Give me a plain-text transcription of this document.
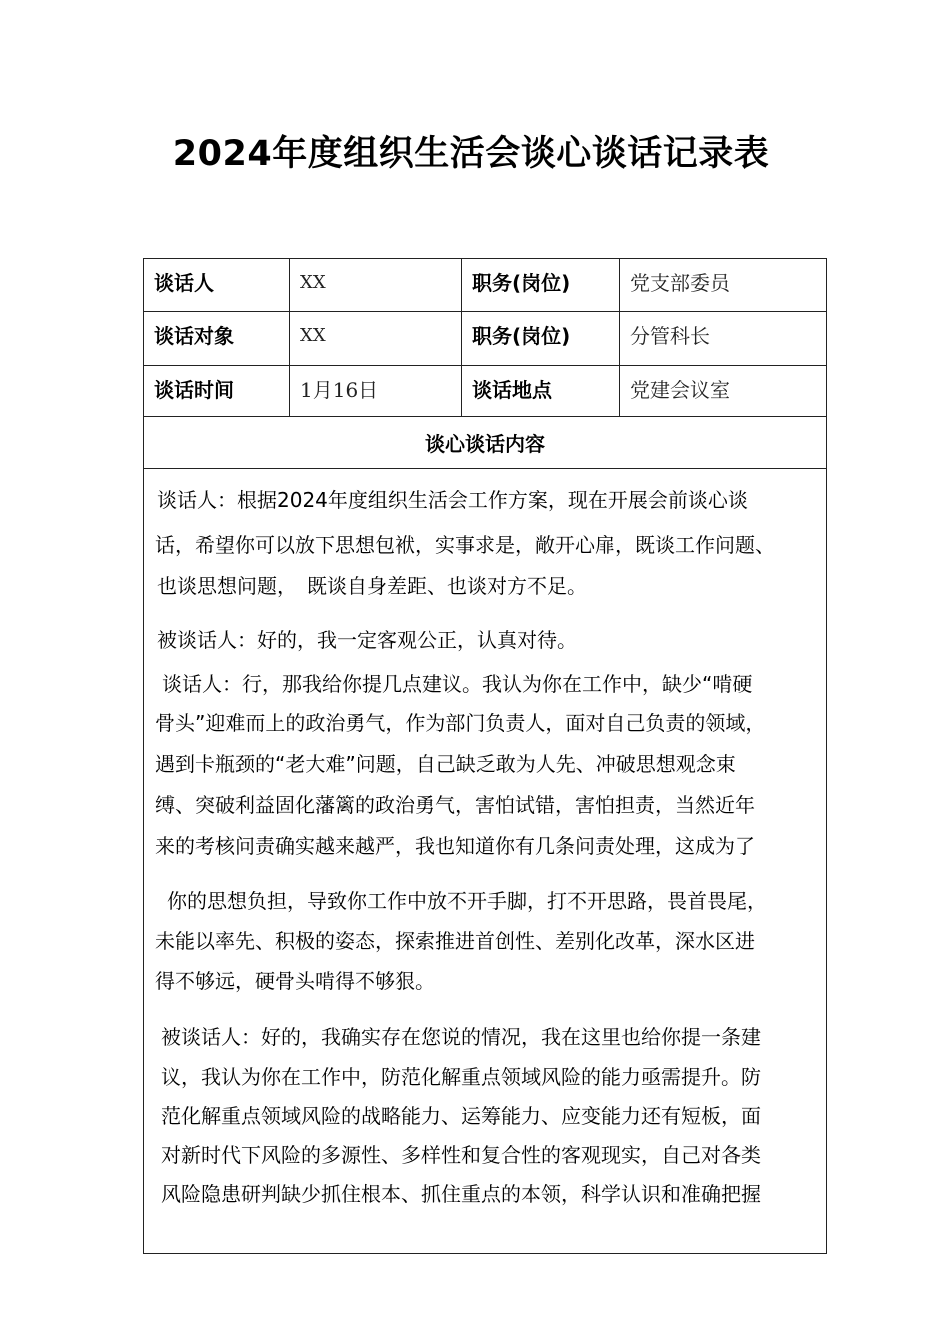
2024年度组织生活会谈心谈话记录表
谈话人	XX	职务(岗位)	党支部委员
谈话对象	XX	职务(岗位)	分管科长
谈话时间	1月16日	谈话地点	党建会议室
谈心谈话内容
谈话人：根据2024年度组织生活会工作方案，现在开展会前谈心谈
话，希望你可以放下思想包袱，实事求是，敞开心扉，既谈工作问题、
也谈思想问题，　既谈自身差距、也谈对方不足。
被谈话人：好的，我一定客观公正，认真对待。
谈话人：行，那我给你提几点建议。我认为你在工作中，缺少“啃硬
骨头”迎难而上的政治勇气，作为部门负责人，面对自己负责的领域，
遇到卡瓶颈的“老大难”问题，自己缺乏敢为人先、冲破思想观念束
缚、突破利益固化藩篱的政治勇气，害怕试错，害怕担责，当然近年
来的考核问责确实越来越严，我也知道你有几条问责处理，这成为了
你的思想负担，导致你工作中放不开手脚，打不开思路，畏首畏尾，
未能以率先、积极的姿态，探索推进首创性、差别化改革，深水区进
得不够远，硬骨头啃得不够狠。
被谈话人：好的，我确实存在您说的情况，我在这里也给你提一条建
议，我认为你在工作中，防范化解重点领域风险的能力亟需提升。防
范化解重点领域风险的战略能力、运筹能力、应变能力还有短板，面
对新时代下风险的多源性、多样性和复合性的客观现实，自己对各类
风险隐患研判缺少抓住根本、抓住重点的本领，科学认识和准确把握
